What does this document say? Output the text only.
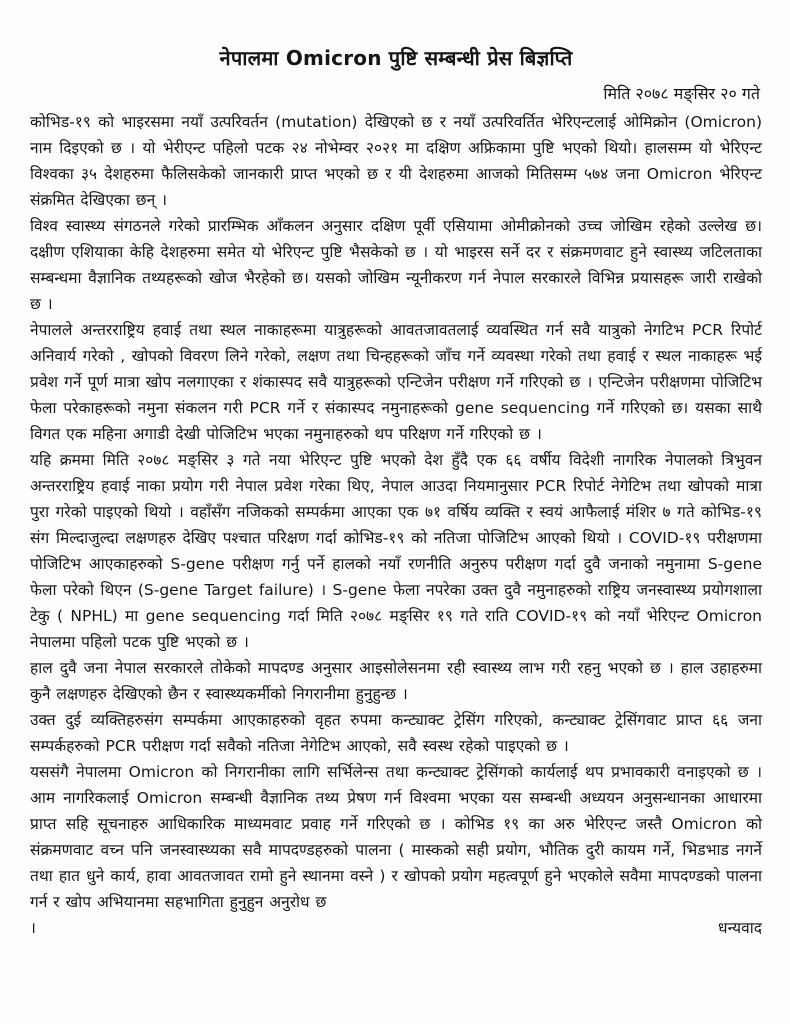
नेपालमा Omicron पुष्टि सम्बन्धी प्रेस बिज्ञप्ति
मिति २०७८ मङ्सिर २० गते

कोभिड-१९ को भाइरसमा नयाँ उत्परिवर्तन (mutation) देखिएको छ र नयाँ उत्परिवर्तित भेरिएन्टलाई ओमिक्रोन (Omicron) नाम दिइएको छ । यो भेरीएन्ट पहिलो पटक २४ नोभेम्वर २०२१ मा दक्षिण अफ्रिकामा पुष्टि भएको थियो। हालसम्म यो भेरिएन्ट विश्वका ३५ देशहरुमा फैलिसकेको जानकारी प्राप्त भएको छ र यी देशहरुमा आजको मितिसम्म ५७४ जना Omicron भेरिएन्ट संक्रमित देखिएका छन् ।

विश्व स्वास्थ्य संगठनले गरेको प्रारम्भिक आँकलन अनुसार दक्षिण पूर्वी एसियामा ओमीक्रोनको उच्च जोखिम रहेको उल्लेख छ। दक्षीण एशियाका केहि देशहरुमा समेत यो भेरिएन्ट पुष्टि भैसकेको छ । यो भाइरस सर्ने दर र संक्रमणवाट हुने स्वास्थ्य जटिलताका सम्बन्धमा वैज्ञानिक तथ्यहरूको खोज भैरहेको छ। यसको जोखिम न्यूनीकरण गर्न नेपाल सरकारले विभिन्न प्रयासहरू जारी राखेको छ ।

नेपालले अन्तरराष्ट्रिय हवाई तथा स्थल नाकाहरूमा यात्रुहरूको आवतजावतलाई व्यवस्थित गर्न सवै यात्रुको नेगटिभ PCR रिपोर्ट अनिवार्य गरेको , खोपको विवरण लिने गरेको, लक्षण तथा चिन्हहरूको जाँच गर्ने व्यवस्था गरेको तथा हवाई र स्थल नाकाहरू भई प्रवेश गर्ने पूर्ण मात्रा खोप नलगाएका र शंकास्पद सवै यात्रुहरूको एन्टिजेन परीक्षण गर्ने गरिएको छ । एन्टिजेन परीक्षणमा पोजिटिभ फेला परेकाहरूको नमुना संकलन गरी PCR गर्ने र संकास्पद नमुनाहरूको gene sequencing गर्ने गरिएको छ। यसका साथै विगत एक महिना अगाडी देखी पोजिटिभ भएका नमुनाहरुको थप परिक्षण गर्ने गरिएको छ ।

यहि क्रममा मिति २०७८ मङ्सिर ३ गते नया भेरिएन्ट पुष्टि भएको देश हुँदै एक ६६ वर्षीय विदेशी नागरिक नेपालको त्रिभुवन अन्तरराष्ट्रिय हवाई नाका प्रयोग गरी नेपाल प्रवेश गरेका थिए, नेपाल आउदा नियमानुसार PCR रिपोर्ट नेगेटिभ तथा खोपको मात्रा पुरा गरेको पाइएको थियो । वहाँसँग नजिकको सम्पर्कमा आएका एक ७१ वर्षिय व्यक्ति र स्वयं आफैलाई मंशिर ७ गते कोभिड-१९ संग मिल्दाजुल्दा लक्षणहरु देखिए पश्चात परिक्षण गर्दा कोभिड-१९ को नतिजा पोजिटिभ आएको थियो । COVID-१९ परीक्षणमा पोजिटिभ आएकाहरुको S-gene परीक्षण गर्नु पर्ने हालको नयाँ रणनीति अनुरुप परीक्षण गर्दा दुवै जनाको नमुनामा S-gene फेला परेको थिएन (S-gene Target failure) । S-gene फेला नपरेका उक्त दुवै नमुनाहरुको राष्ट्रिय जनस्वास्थ्य प्रयोगशाला टेकु ( NPHL) मा gene sequencing गर्दा मिति २०७८ मङ्सिर १९ गते राति COVID-१९ को नयाँ भेरिएन्ट Omicron नेपालमा पहिलो पटक पुष्टि भएको छ ।

हाल दुवै जना नेपाल सरकारले तोकेको मापदण्ड अनुसार आइसोलेसनमा रही स्वास्थ्य लाभ गरी रहनु भएको छ । हाल उहाहरुमा कुनै लक्षणहरु देखिएको छैन र स्वास्थ्यकर्मीको निगरानीमा हुनुहुन्छ ।

उक्त दुई व्यक्तिहरुसंग सम्पर्कमा आएकाहरुको वृहत रुपमा कन्ट्याक्ट ट्रेसिंग गरिएको, कन्ट्याक्ट ट्रेसिंगवाट प्राप्त ६६ जना सम्पर्कहरुको PCR परीक्षण गर्दा सवैको नतिजा नेगेटिभ आएको, सवै स्वस्थ रहेको पाइएको छ ।

यससंगै नेपालमा Omicron को निगरानीका लागि सर्भिलेन्स तथा कन्ट्याक्ट ट्रेसिंगको कार्यलाई थप प्रभावकारी वनाइएको छ । आम नागरिकलाई Omicron सम्बन्धी वैज्ञानिक तथ्य प्रेषण गर्न विश्वमा भएका यस सम्बन्धी अध्ययन अनुसन्धानका आधारमा प्राप्त सहि सूचनाहरु आधिकारिक माध्यमवाट प्रवाह गर्ने गरिएको छ । कोभिड १९ का अरु भेरिएन्ट जस्तै Omicron को संक्रमणवाट वच्न पनि जनस्वास्थ्यका सवै मापदण्डहरुको पालना ( मास्कको सही प्रयोग, भौतिक दुरी कायम गर्ने, भिडभाड नगर्ने तथा हात धुने कार्य, हावा आवतजावत रामो हुने स्थानमा वस्ने ) र खोपको प्रयोग महत्वपूर्ण हुने भएकोले सवैमा मापदण्डको पालना गर्न र खोप अभियानमा सहभागिता हुनुहुन अनुरोध छ

।	धन्यवाद
